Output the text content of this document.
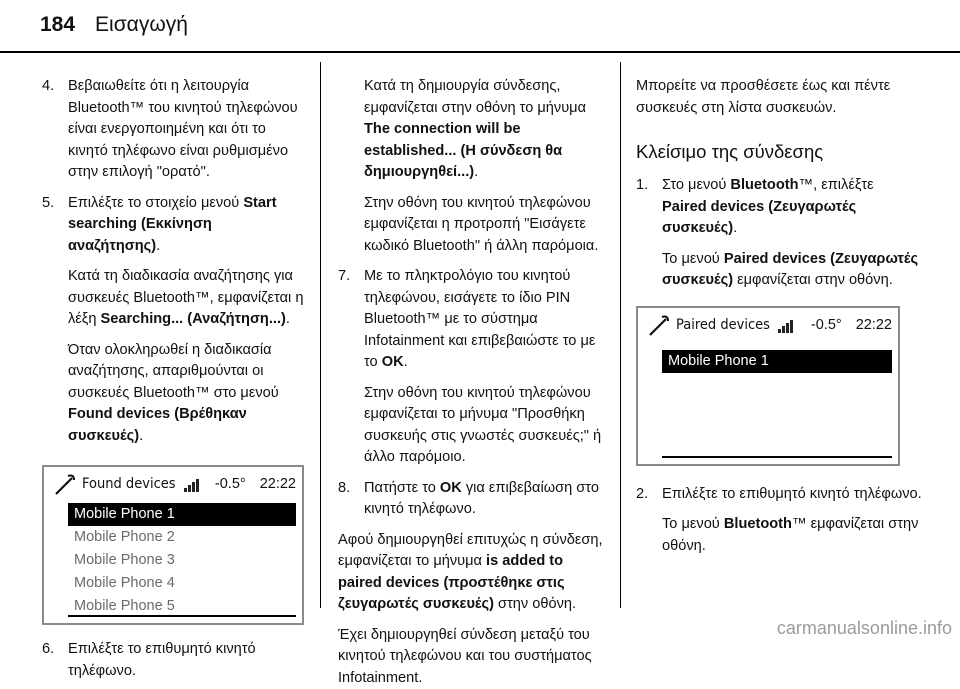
184 Εισαγωγή
4. Βεβαιωθείτε ότι η λειτουργία Bluetooth™ του κινητού τηλεφώνου είναι ενεργοποιημένη και ότι το κινητό τηλέφωνο είναι ρυθμισμένο στην επιλογή "ορατό".
5. Επιλέξτε το στοιχείο μενού Start searching (Εκκίνηση αναζήτησης).
Κατά τη διαδικασία αναζήτησης για συσκευές Bluetooth™, εμφανίζεται η λέξη Searching... (Αναζήτηση...).
Όταν ολοκληρωθεί η διαδικασία αναζήτησης, απαριθμούνται οι συσκευές Bluetooth™ στο μενού Found devices (Βρέθηκαν συσκευές).
Found devices	-0.5° 22:22
Mobile Phone 1
Mobile Phone 2
Mobile Phone 3
Mobile Phone 4
Mobile Phone 5
6. Επιλέξτε το επιθυμητό κινητό τηλέφωνο.
Κατά τη δημιουργία σύνδεσης, εμφανίζεται στην οθόνη το μήνυμα The connection will be established... (Η σύνδεση θα δημιουργηθεί...).
Στην οθόνη του κινητού τηλεφώνου εμφανίζεται η προτροπή "Εισάγετε κωδικό Bluetooth" ή άλλη παρόμοια.
7. Με το πληκτρολόγιο του κινητού τηλεφώνου, εισάγετε το ίδιο PIN Bluetooth™ με το σύστημα Infotainment και επιβεβαιώστε το με το OK.
Στην οθόνη του κινητού τηλεφώνου εμφανίζεται το μήνυμα "Προσθήκη συσκευής στις γνωστές συσκευές;" ή άλλο παρόμοιο.
8. Πατήστε το OK για επιβεβαίωση στο κινητό τηλέφωνο.
Αφού δημιουργηθεί επιτυχώς η σύνδεση, εμφανίζεται το μήνυμα is added to paired devices (προστέθηκε στις ζευγαρωτές συσκευές) στην οθόνη.
Έχει δημιουργηθεί σύνδεση μεταξύ του κινητού τηλεφώνου και του συστήματος Infotainment.
Μπορείτε να προσθέσετε έως και πέντε συσκευές στη λίστα συσκευών.
Κλείσιμο της σύνδεσης
1. Στο μενού Bluetooth™, επιλέξτε Paired devices (Ζευγαρωτές συσκευές).
Το μενού Paired devices (Ζευγαρωτές συσκευές) εμφανίζεται στην οθόνη.
Paired devices	-0.5° 22:22
Mobile Phone 1
2. Επιλέξτε το επιθυμητό κινητό τηλέφωνο.
Το μενού Bluetooth™ εμφανίζεται στην οθόνη.
carmanualsonline.info
